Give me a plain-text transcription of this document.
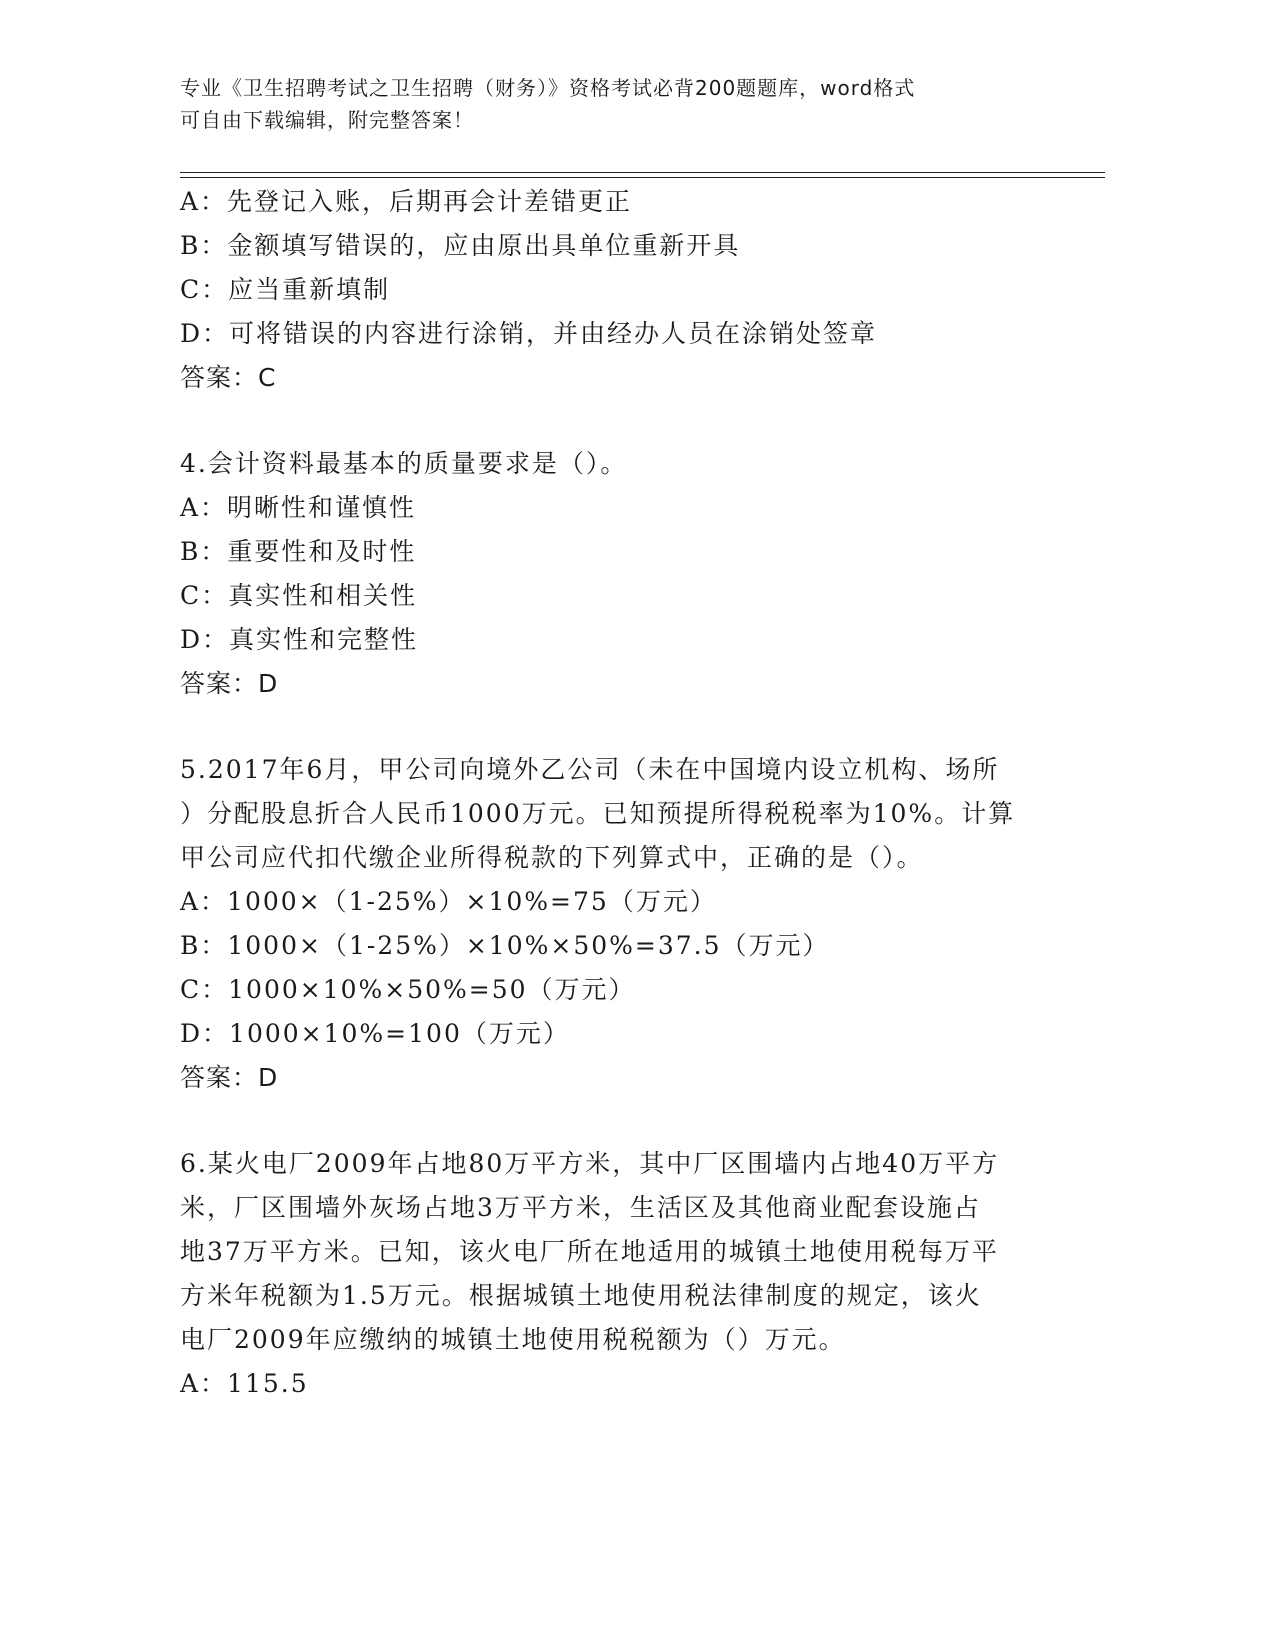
专业《卫生招聘考试之卫生招聘（财务）》资格考试必背200题题库，word格式

可自由下载编辑，附完整答案！

A：先登记入账，后期再会计差错更正

B：金额填写错误的，应由原出具单位重新开具

C：应当重新填制

D：可将错误的内容进行涂销，并由经办人员在涂销处签章

答案：C

4.会计资料最基本的质量要求是（）。

A：明晰性和谨慎性

B：重要性和及时性

C：真实性和相关性

D：真实性和完整性

答案：D

5.2017年6月，甲公司向境外乙公司（未在中国境内设立机构、场所

）分配股息折合人民币1000万元。已知预提所得税税率为10%。计算

甲公司应代扣代缴企业所得税款的下列算式中，正确的是（）。

A：1000×（1-25%）×10%=75（万元）

B：1000×（1-25%）×10%×50%=37.5（万元）

C：1000×10%×50%=50（万元）

D：1000×10%=100（万元）

答案：D

6.某火电厂2009年占地80万平方米，其中厂区围墙内占地40万平方

米，厂区围墙外灰场占地3万平方米，生活区及其他商业配套设施占

地37万平方米。已知，该火电厂所在地适用的城镇土地使用税每万平

方米年税额为1.5万元。根据城镇土地使用税法律制度的规定，该火

电厂2009年应缴纳的城镇土地使用税税额为（）万元。

A：115.5
